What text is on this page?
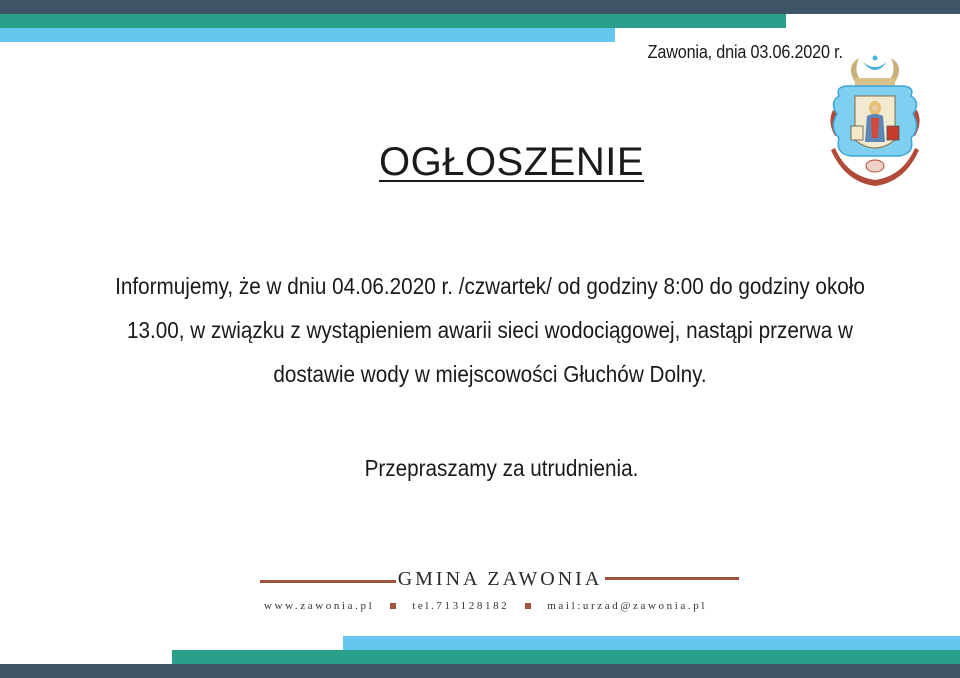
Zawonia, dnia 03.06.2020 r.
OGŁOSZENIE

Informujemy, że w dniu 04.06.2020 r. /czwartek/ od godziny 8:00 do godziny około

13.00, w związku z wystąpieniem awarii sieci wodociągowej, nastąpi przerwa w

dostawie wody w miejscowości Głuchów Dolny.

Przepraszamy za utrudnienia.
GMINA ZAWONIA
www.zawonia.pl	tel.713128182	mail:urzad@zawonia.pl
